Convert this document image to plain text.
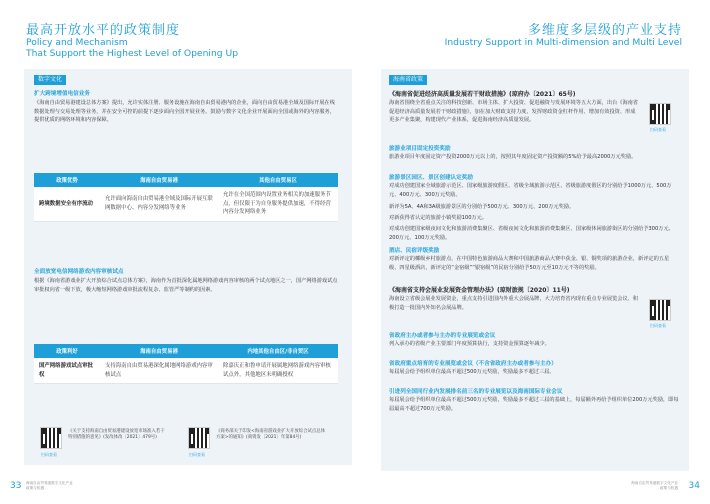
最高开放水平的政策制度
Policy and Mechanism
That Support the Highest Level of Opening Up
数字文化
扩大跨境增值电信业务
《海南自由贸易港建设总体方案》提出，允许实体注册、服务设施在海南自由贸易港内的企业，面向自由贸易港全域及国际开展在线数据处理与交易处理等业务，并在安全可控的前提下逐步面向全国开展业务。鼓励与数字文化企业开展面向全国或海外的内容服务，提供优质的网络环境和内容保障。
政策优势	海南自由贸易港	其他自由贸易区
跨境数据安全有序流动	允许面向海南自由贸易港全域及国际开展互联网数据中心、内容分发网络等业务	允许在全国范围内设置业务相关的加速服务节点，但仅限于为自身服务提供加速，不得经营内容分发网络业务
全面放宽电信网络游戏内容审核试点
根据《海南省游戏业扩大开放综合试点总体方案》，海南作为首批深化属地网络游戏内容审核的两个试点地区之一，国产网络游戏试点审批权向省一级下放，极大缩短网络游戏审批流程复杂、监管严等制约的因素。
政策利好	海南自由贸易港	内地其他自由区/非自贸区
国产网络游戏试点审批权	支持海南自由贸易港深化属地网络游戏内容审核试点	除嘉庆正和鲁申请开展属地网络游戏内容审核试点外，其他地区未明确授权
扫码查看
《关于支持海南自由贸易港建设放宽市场准入若干特别措施的意见》(发改体改〔2021〕479号)
扫码查看
《商务部关于印发<海南省游戏业扩大开放综合试点总体方案>的通知》(商资发〔2021〕年第84号)
33 海南自由贸易港数字文化产业
政策与机遇
多维度多层级的产业支持
Industry Support in Multi-dimension and Multi Level
海南省政策
《海南省促进经济高质量发展若干财政措施》(琼府办〔2021〕65号)
海南省围绕全省重点关注的科技创新、市场主体、扩大投资、促进融资与发展环境等五大方面，出台《海南省促进经济高质量发展若干财政措施》，加在加大财政支持力度、发挥财政资金杠杆作用、增加有效投资、形成更多产业集聚，构建现代产业体系，促进海南经济高质量发展。
扫码查看
旅游业项目固定投资奖励
旅游业项目年度固定资产投资2000万元以上的，按照其年度固定资产投资额的5%给予最高2000万元奖励。
旅游景区园区、景区创建认定奖励
对成功创建国家全域旅游示范区、国家级旅游度假区、省级全域旅游示范区、省级旅游度假区的分别给予1000万元、500万元、400万元、300万元奖励。
新评为5A、4A和3A级旅游景区的分别给予500万元、300万元、200万元奖励。
对新获得省认定的旅游小镇奖励100万元。
对成功创建国家级夜间文化和旅游消费集聚区、省级夜间文化和旅游消费集聚区、国家级休闲旅游街区的分别给予300万元、200万元、100万元奖励。
酒店、民宿评级奖励
对新评定的椰级乡村旅游点，在中国特色旅游商品大赛和中国旅游商品大赛中获金、银、铜奖项的旅游企业，新评定的五星级、四星级酒店，新评定的“金宿级”“银宿级”的民宿分别给予50万元至10万元不等的奖励。
《海南省支持会展业发展资金管理办法》(琼财旅规〔2020〕11号)
海南设立省级会展业发展资金，重点支持引进国内外重大会展品牌，大力培育省内现有重点专业展览会议、积极打造一批国内外知名会展品牌。
扫码查看
省政府主办或者参与主办的专业展览或会议
列入承办的省级产业主要部门年度预算执行，支持资金预算逐年减少。
省政府重点培育的专业展览或会议（不含省政府主办或者参与主办）
每届展会给予组织单位最高不超过500万元奖励，奖励最多不超过三届。
引进列全国同行业内发展排名前三名的专业展览以及海南国际专业会议
每届展会给予组织单位最高不超过500万元奖励，奖励最多不超过三届的基础上，每届额外再给予组织单位200万元奖励，即每届最高不超过700万元奖励。
海南自由贸易港数字文化产业
政策与机遇 34
